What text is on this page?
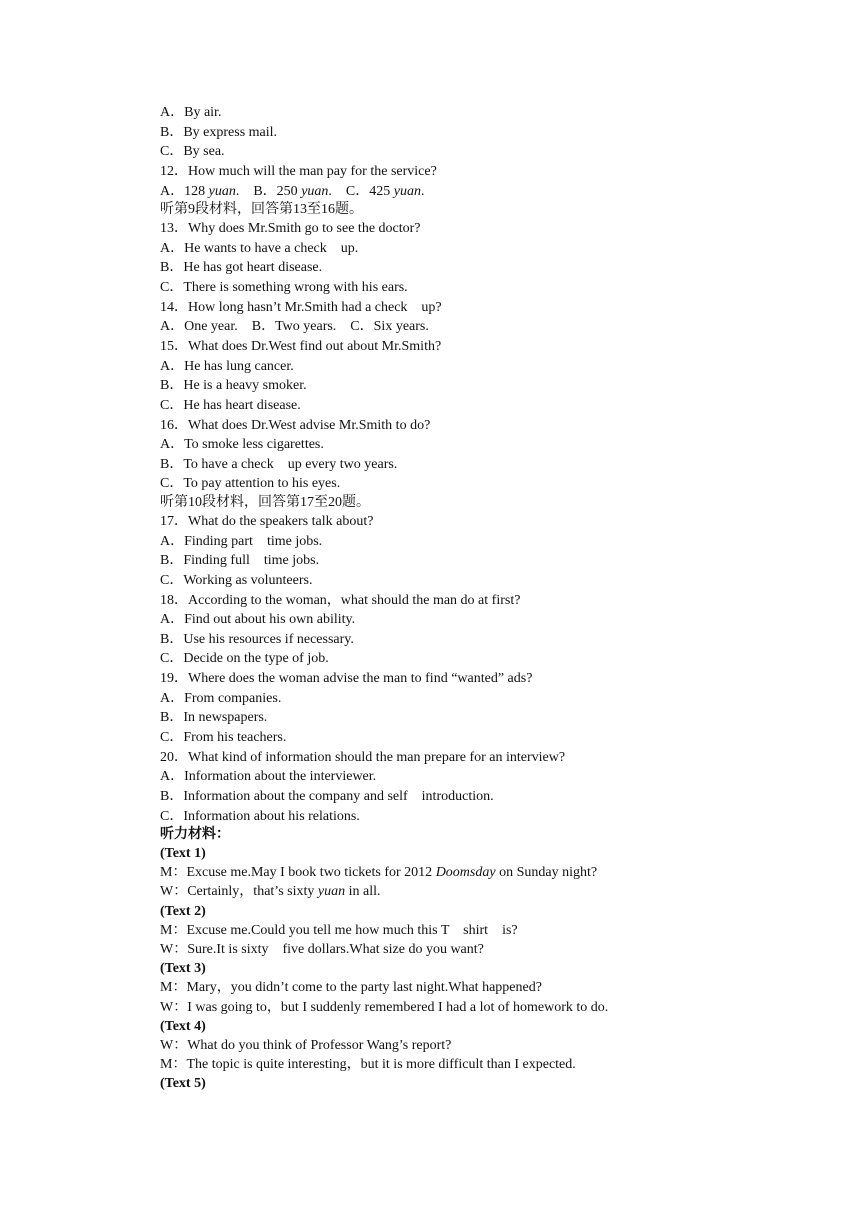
A．By air.
B．By express mail.
C．By sea.
12．How much will the man pay for the service?
A．128 yuan.　 B．250 yuan.　 C．425 yuan.
听第9段材料，回答第13至16题。
13．Why does Mr.Smith go to see the doctor?
A．He wants to have a check　up.
B．He has got heart disease.
C．There is something wrong with his ears.
14．How long hasn’t Mr.Smith had a check　up?
A．One year.　B．Two years.　C．Six years.
15．What does Dr.West find out about Mr.Smith?
A．He has lung cancer.
B．He is a heavy smoker.
C．He has heart disease.
16．What does Dr.West advise Mr.Smith to do?
A．To smoke less cigarettes.
B．To have a check　up every two years.
C．To pay attention to his eyes.
听第10段材料，回答第17至20题。
17．What do the speakers talk about?
A．Finding part　time jobs.
B．Finding full　time jobs.
C．Working as volunteers.
18．According to the woman，what should the man do at first?
A．Find out about his own ability.
B．Use his resources if necessary.
C．Decide on the type of job.
19．Where does the woman advise the man to find “wanted” ads?
A．From companies.
B．In newspapers.
C．From his teachers.
20．What kind of information should the man prepare for an interview?
A．Information about the interviewer.
B．Information about the company and self　introduction.
C．Information about his relations.
听力材料：
(Text 1)
M：Excuse me.May I book two tickets for 2012 Doomsday on Sunday night?
W：Certainly，that’s sixty yuan in all.
(Text 2)
M：Excuse me.Could you tell me how much this T　shirt　is?
W：Sure.It is sixty　five dollars.What size do you want?
(Text 3)
M：Mary，you didn’t come to the party last night.What happened?
W：I was going to，but I suddenly remembered I had a lot of homework to do.
(Text 4)
W：What do you think of Professor Wang’s report?
M：The topic is quite interesting，but it is more difficult than I expected.
(Text 5)
